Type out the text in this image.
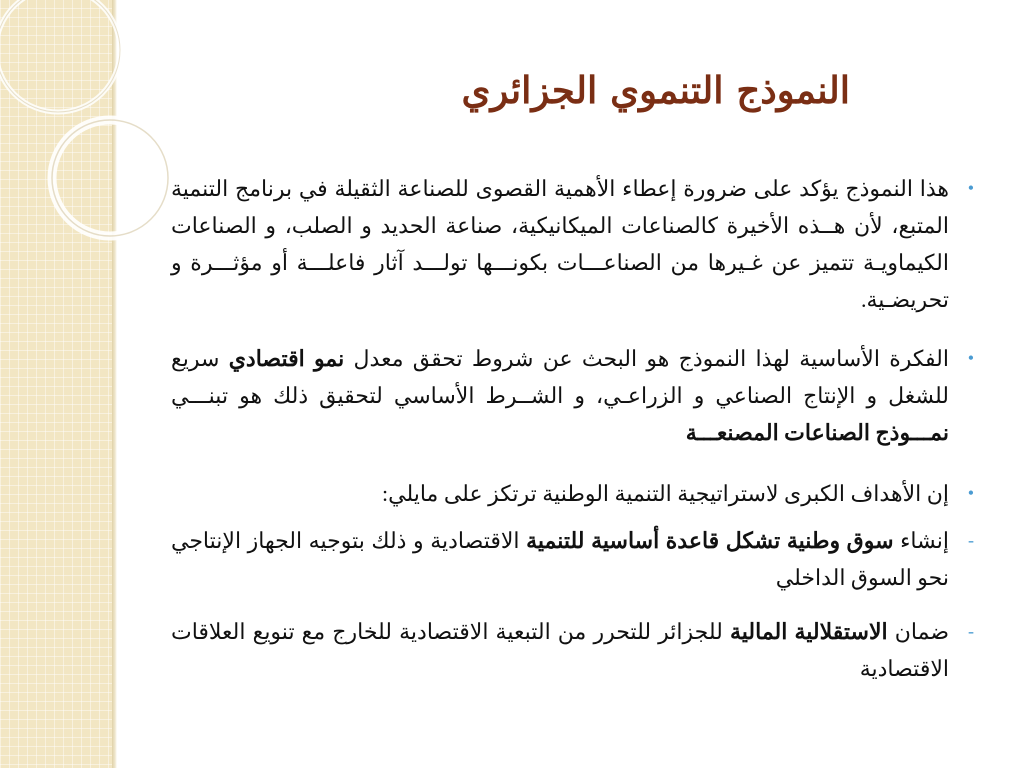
النموذج التنموي الجزائري
•
هذا النموذج يؤكد على ضرورة إعطاء الأهمية القصوى للصناعة الثقيلة في برنامج التنمية المتبع، لأن هــذه الأخيرة كالصناعات الميكانيكية، صناعة الحديد و الصلب، و الصناعات الكيماويـة تتميز عن غـيرها من الصناعـــات بكونـــها تولـــد آثار فاعلـــة أو مؤثـــرة و تحريضـية.
•
الفكرة الأساسية لهذا النموذج هو البحث عن شروط تحقق معدل نمو اقتصادي سريع للشغل و الإنتاج الصناعي و الزراعـي، و الشــرط الأساسي لتحقيق ذلك هو تبنـــي نمـــوذج الصناعات المصنعـــة
•
إن الأهداف الكبرى لاستراتيجية التنمية الوطنية ترتكز على مايلي:
-
إنشاء سوق وطنية تشكل قاعدة أساسية للتنمية الاقتصادية و ذلك بتوجيه الجهاز الإنتاجي نحو السوق الداخلي
-
ضمان الاستقلالية المالية للجزائر للتحرر من التبعية الاقتصادية للخارج مع تنويع العلاقات الاقتصادية
